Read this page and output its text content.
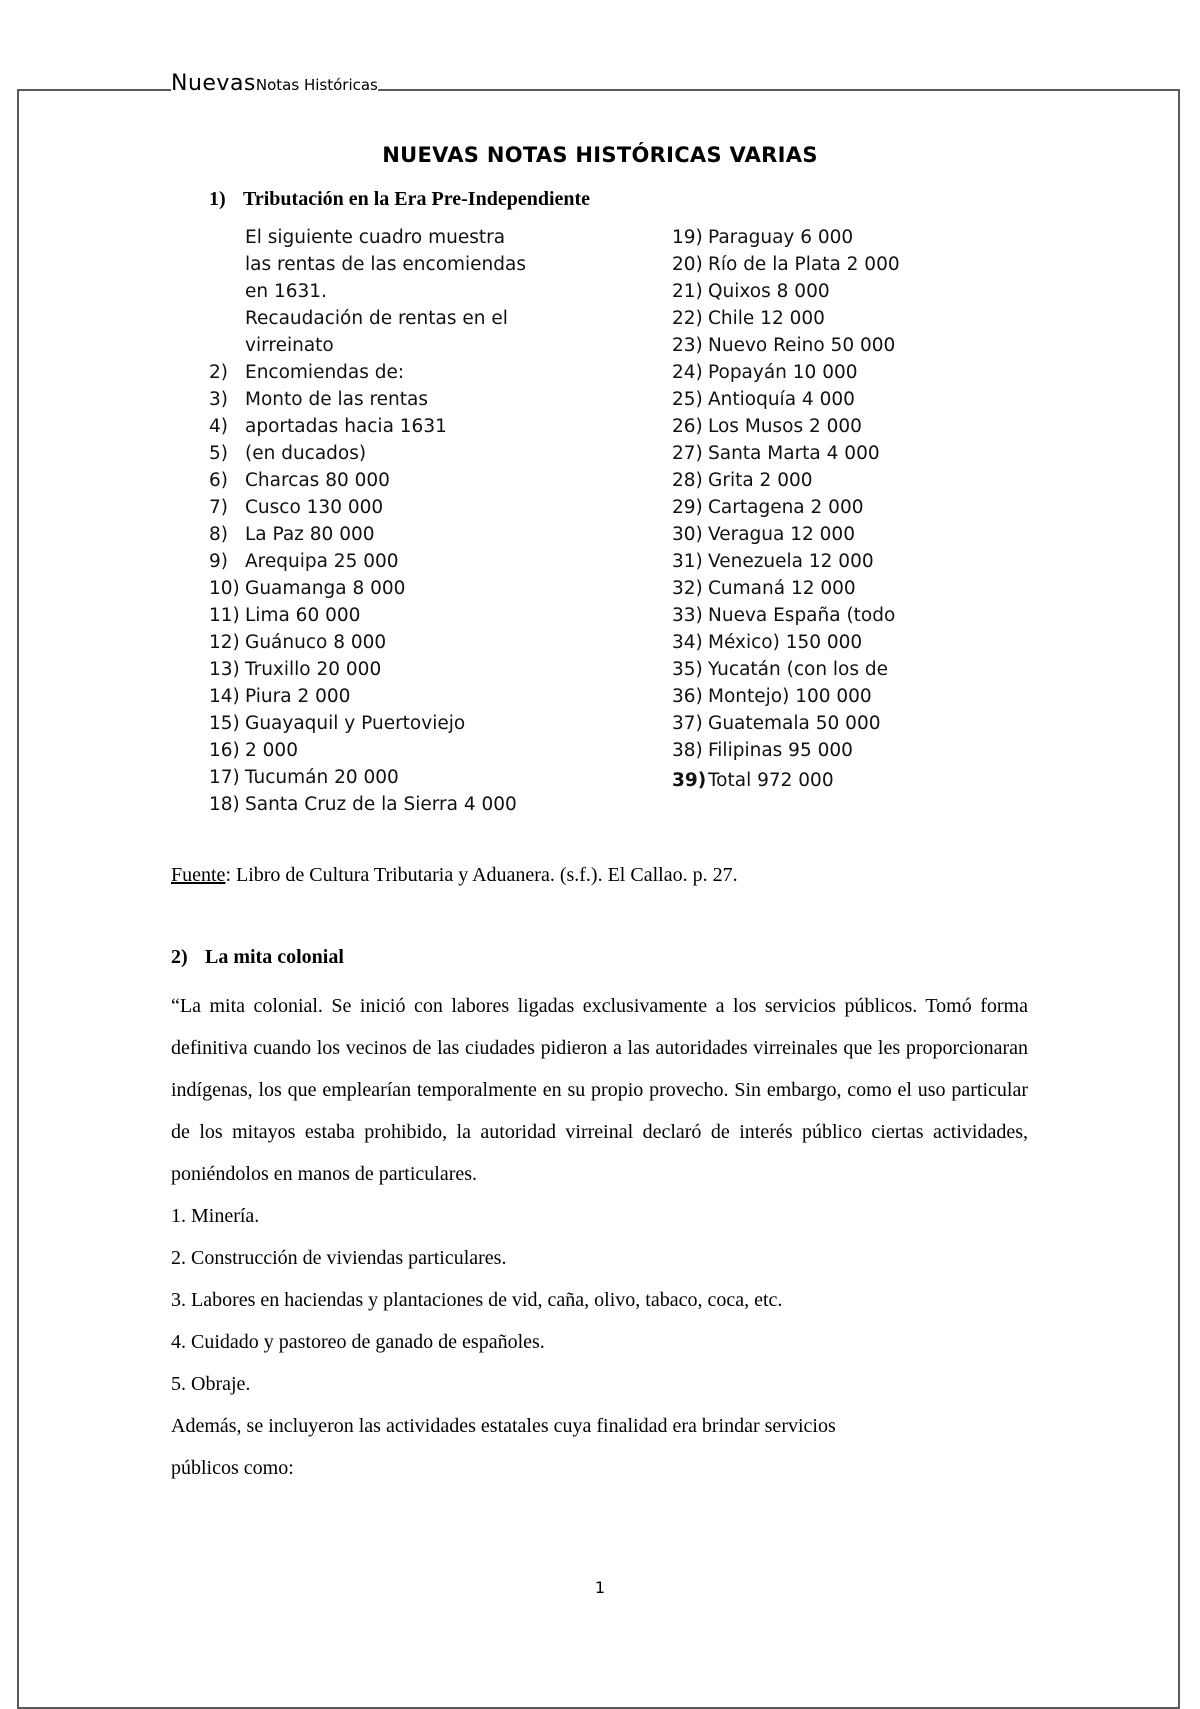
NuevasNotas Históricas
NUEVAS NOTAS HISTÓRICAS VARIAS
1) Tributación en la Era Pre-Independiente
El siguiente cuadro muestra
las rentas de las encomiendas
en 1631.
Recaudación de rentas en el
virreinato
2) Encomiendas de:
3) Monto de las rentas
4) aportadas hacia 1631
5) (en ducados)
6) Charcas 80 000
7) Cusco 130 000
8) La Paz 80 000
9) Arequipa 25 000
10) Guamanga 8 000
11) Lima 60 000
12) Guánuco 8 000
13) Truxillo 20 000
14) Piura 2 000
15) Guayaquil y Puertoviejo
16) 2 000
17) Tucumán 20 000
18) Santa Cruz de la Sierra 4 000
19) Paraguay 6 000
20) Río de la Plata 2 000
21) Quixos 8 000
22) Chile 12 000
23) Nuevo Reino 50 000
24) Popayán 10 000
25) Antioquía 4 000
26) Los Musos 2 000
27) Santa Marta 4 000
28) Grita 2 000
29) Cartagena 2 000
30) Veragua 12 000
31) Venezuela 12 000
32) Cumaná 12 000
33) Nueva España (todo
34) México) 150 000
35) Yucatán (con los de
36) Montejo) 100 000
37) Guatemala 50 000
38) Filipinas 95 000
39) Total 972 000
Fuente: Libro de Cultura Tributaria y Aduanera. (s.f.). El Callao. p. 27.
2) La mita colonial

“La mita colonial. Se inició con labores ligadas exclusivamente a los servicios públicos. Tomó forma definitiva cuando los vecinos de las ciudades pidieron a las autoridades virreinales que les proporcionaran indígenas, los que emplearían temporalmente en su propio provecho. Sin embargo, como el uso particular de los mitayos estaba prohibido, la autoridad virreinal declaró de interés público ciertas actividades, poniéndolos en manos de particulares.

1. Minería.

2. Construcción de viviendas particulares.

3. Labores en haciendas y plantaciones de vid, caña, olivo, tabaco, coca, etc.

4. Cuidado y pastoreo de ganado de españoles.

5. Obraje.

Además, se incluyeron las actividades estatales cuya finalidad era brindar servicios

públicos como:

1
